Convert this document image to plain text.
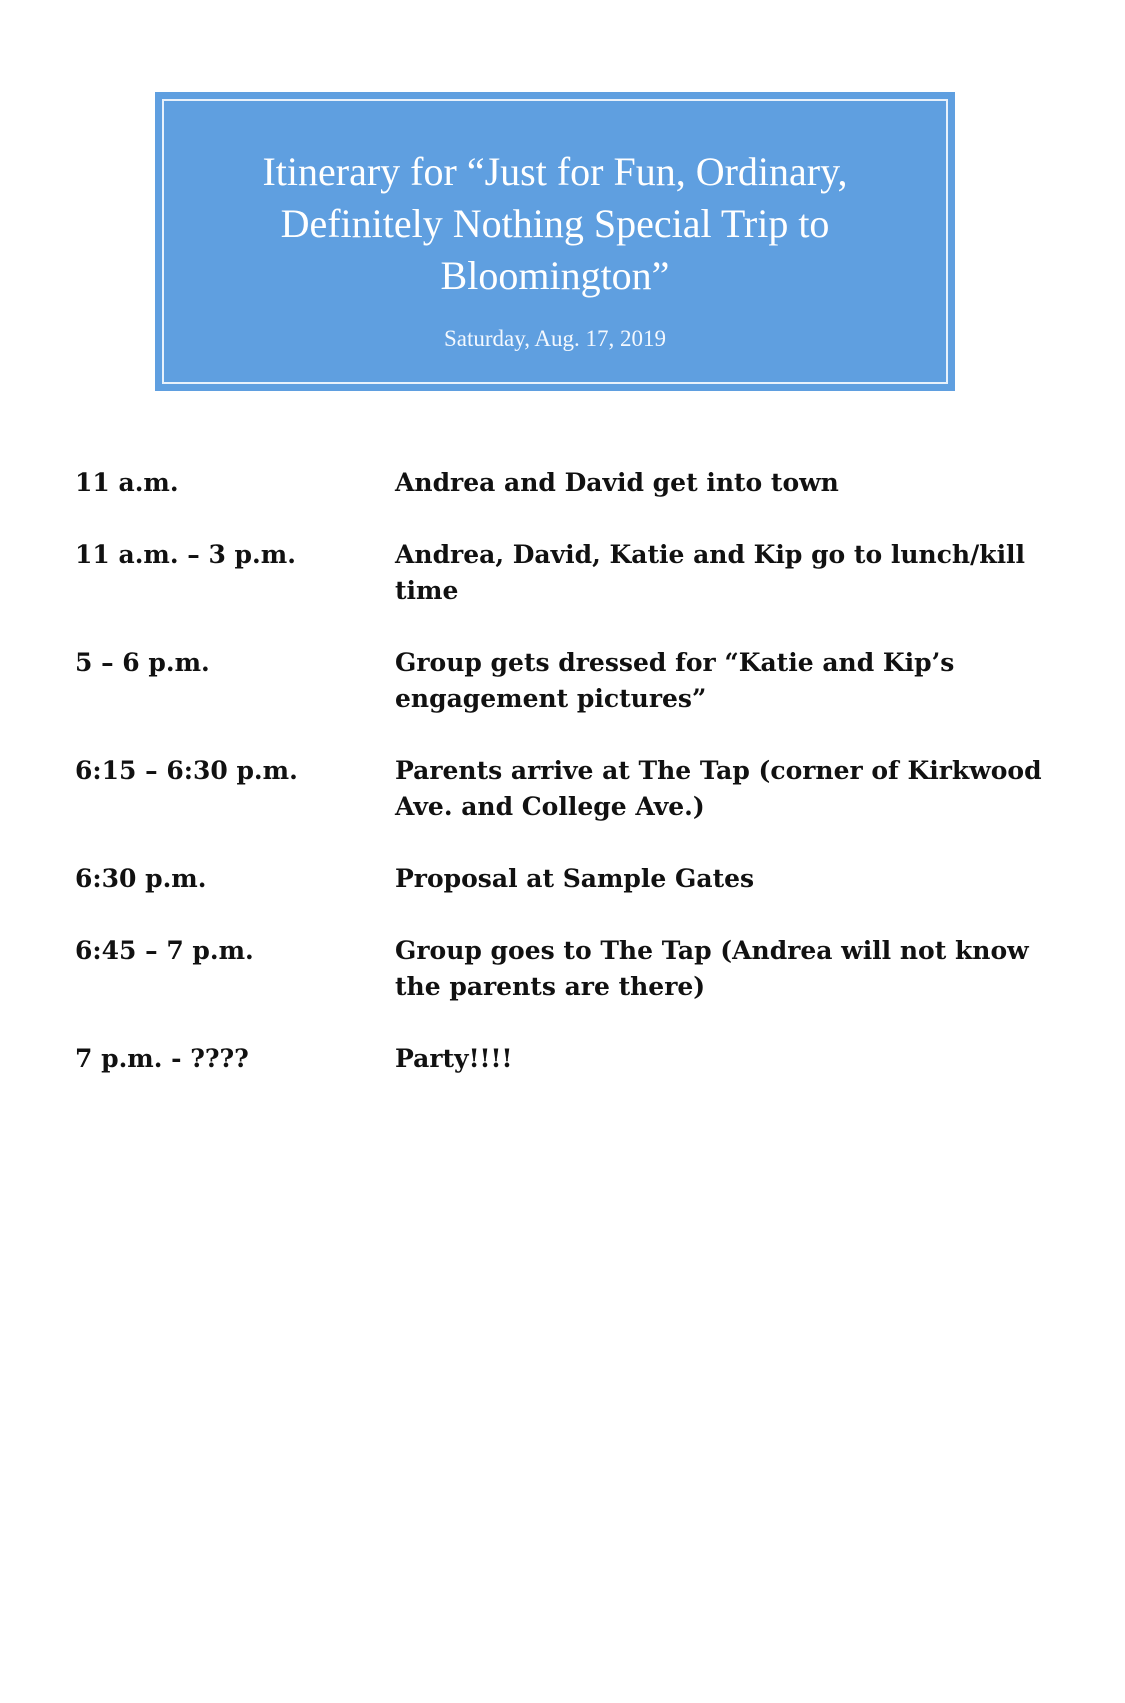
Itinerary for “Just for Fun, Ordinary, Definitely Nothing Special Trip to Bloomington”
Saturday, Aug. 17, 2019
11 a.m.	Andrea and David get into town
11 a.m. – 3 p.m.	Andrea, David, Katie and Kip go to lunch/kill time
5 – 6 p.m.	Group gets dressed for “Katie and Kip’s engagement pictures”
6:15 – 6:30 p.m.	Parents arrive at The Tap (corner of Kirkwood Ave. and College Ave.)
6:30 p.m.	Proposal at Sample Gates
6:45 – 7 p.m.	Group goes to The Tap (Andrea will not know the parents are there)
7 p.m. - ????	Party!!!!
